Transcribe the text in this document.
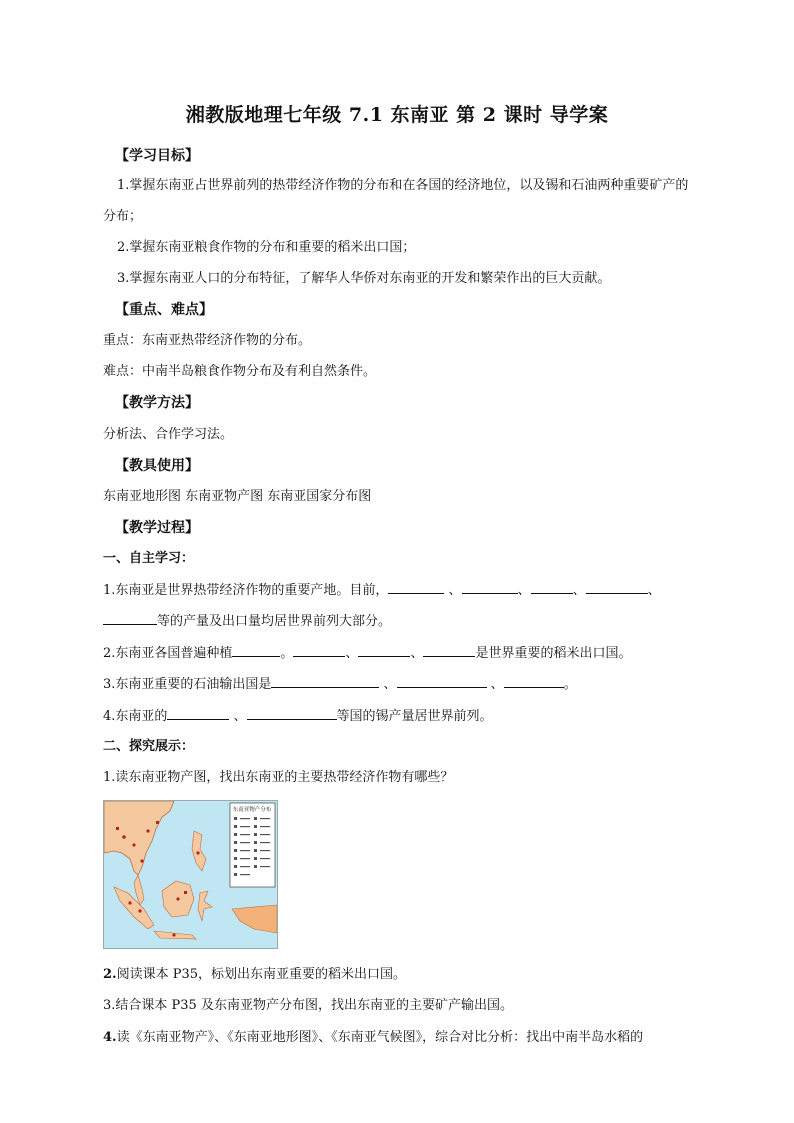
湘教版地理七年级 7.1 东南亚 第 2 课时 导学案
【学习目标】
1.掌握东南亚占世界前列的热带经济作物的分布和在各国的经济地位，以及锡和石油两种重要矿产的
分布；
2.掌握东南亚粮食作物的分布和重要的稻米出口国；
3.掌握东南亚人口的分布特征，了解华人华侨对东南亚的开发和繁荣作出的巨大贡献。
【重点、难点】
重点：东南亚热带经济作物的分布。
难点：中南半岛粮食作物分布及有利自然条件。
【教学方法】
分析法、合作学习法。
【教具使用】
东南亚地形图 东南亚物产图 东南亚国家分布图
【教学过程】
一、自主学习：
1.东南亚是世界热带经济作物的重要产地。目前，	、	、	、	、
等的产量及出口量均居世界前列大部分。
2.东南亚各国普遍种植	。	、	、	是世界重要的稻米出口国。
3.东南亚重要的石油输出国是	、	、	。
4.东南亚的	、	等国的锡产量居世界前列。
二、探究展示：
1.读东南亚物产图，找出东南亚的主要热带经济作物有哪些？
东南亚物产分布
2.阅读课本 P35，标划出东南亚重要的稻米出口国。
3.结合课本 P35 及东南亚物产分布图，找出东南亚的主要矿产输出国。
4.读《东南亚物产》、《东南亚地形图》、《东南亚气候图》，综合对比分析：找出中南半岛水稻的
